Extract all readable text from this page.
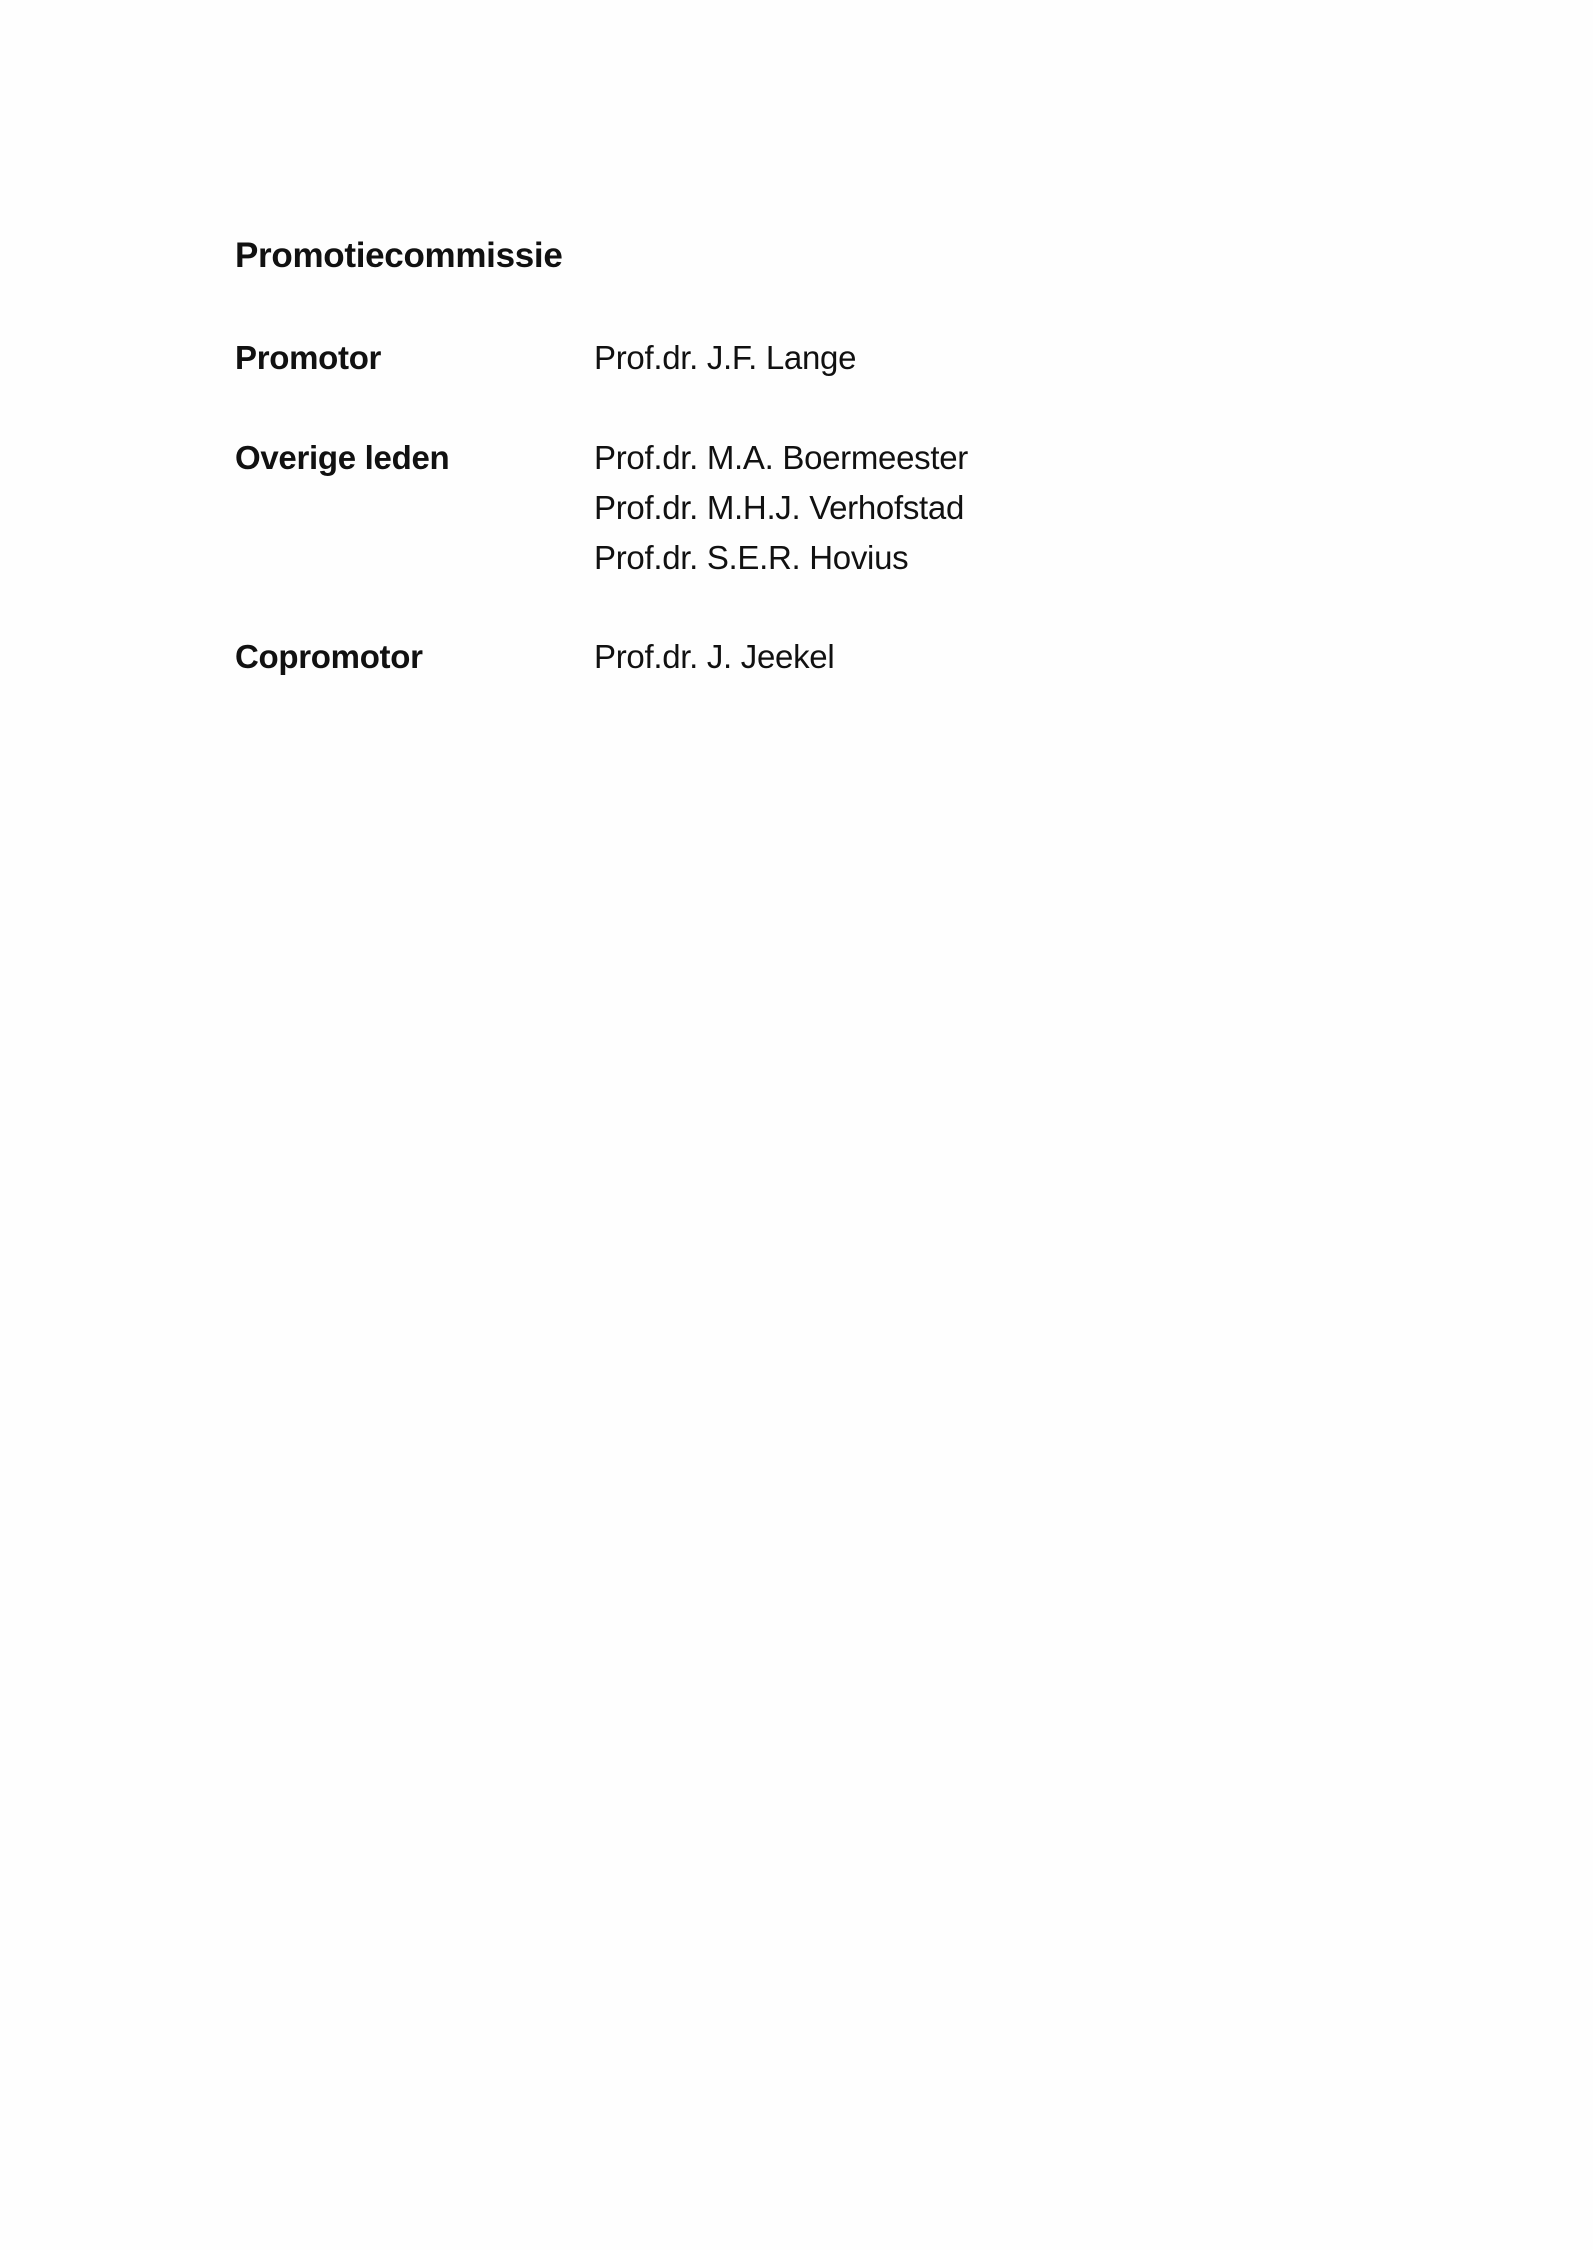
Promotiecommissie
Promotor	Prof.dr. J.F. Lange
Overige leden	Prof.dr. M.A. Boermeester
Prof.dr. M.H.J. Verhofstad
Prof.dr. S.E.R. Hovius
Copromotor	Prof.dr. J. Jeekel
